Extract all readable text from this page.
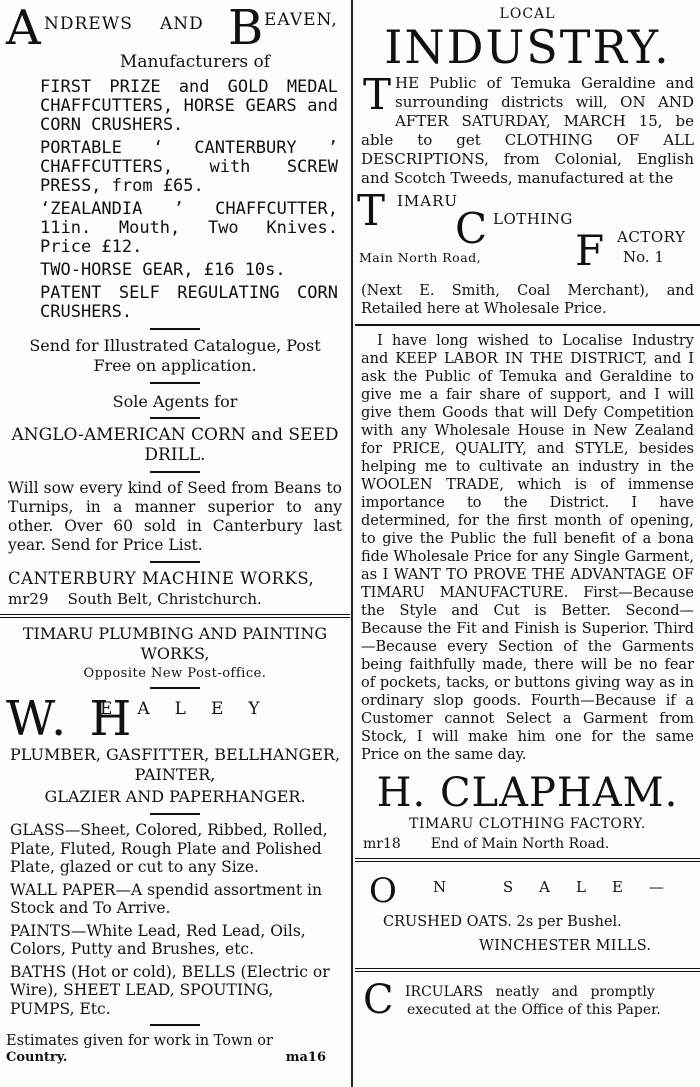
A NDREWS AND B EAVEN,
Manufacturers of
FIRST PRIZE and GOLD MEDAL CHAFFCUTTERS, HORSE GEARS and CORN CRUSHERS.
PORTABLE ‘ CANTERBURY ’ CHAFFCUTTERS, with SCREW PRESS, from £65.
‘ZEALANDIA ’ CHAFFCUTTER, 11in. Mouth, Two Knives. Price £12.
TWO-HORSE GEAR, £16 10s.
PATENT SELF REGULATING CORN CRUSHERS.
Send for Illustrated Catalogue, Post Free on application.
Sole Agents for
ANGLO-AMERICAN CORN and SEED DRILL.
Will sow every kind of Seed from Beans to Turnips, in a manner superior to any other. Over 60 sold in Canterbury last year. Send for Price List.
CANTERBURY MACHINE WORKS,
mr29 South Belt, Christchurch.
TIMARU PLUMBING AND PAINTING WORKS,
Opposite New Post-office.
W. H
EALEY
PLUMBER, GASFITTER, BELLHANGER, PAINTER,
GLAZIER AND PAPERHANGER.
GLASS—Sheet, Colored, Ribbed, Rolled, Plate, Fluted, Rough Plate and Polished Plate, glazed or cut to any Size.
WALL PAPER—A spendid assortment in Stock and To Arrive.
PAINTS—White Lead, Red Lead, Oils, Colors, Putty and Brushes, etc.
BATHS (Hot or cold), BELLS (Electric or Wire), SHEET LEAD, SPOUTING, PUMPS, Etc.
Estimates given for work in Town or
Country.	ma16
LOCAL
INDUSTRY.
T HE Public of Temuka Geraldine and surrounding districts will, ON AND AFTER SATURDAY, MARCH 15, be able to get CLOTHING OF ALL DESCRIPTIONS, from Colonial, English and Scotch Tweeds, manufactured at the
T IMARU
C LOTHING
F ACTORY
No. 1
Main North Road,
(Next E. Smith, Coal Merchant), and Retailed here at Wholesale Price.
I have long wished to Localise Industry and KEEP LABOR IN THE DISTRICT, and I ask the Public of Temuka and Geraldine to give me a fair share of support, and I will give them Goods that will Defy Competition with any Wholesale House in New Zealand for PRICE, QUALITY, and STYLE, besides helping me to cultivate an industry in the WOOLEN TRADE, which is of immense importance to the District. I have determined, for the first month of opening, to give the Public the full benefit of a bona fide Wholesale Price for any Single Garment, as I WANT TO PROVE THE ADVANTAGE OF TIMARU MANUFACTURE. First—Because the Style and Cut is Better. Second—Because the Fit and Finish is Superior. Third—Because every Section of the Garments being faithfully made, there will be no fear of pockets, tacks, or buttons giving way as in ordinary slop goods. Fourth—Because if a Customer cannot Select a Garment from Stock, I will make him one for the same Price on the same day.
H. CLAPHAM.
TIMARU CLOTHING FACTORY.
mr18 End of Main North Road.
O N SALE—
CRUSHED OATS. 2s per Bushel.
WINCHESTER MILLS.
C IRCULARS neatly and promptly
executed at the Office of this Paper.
